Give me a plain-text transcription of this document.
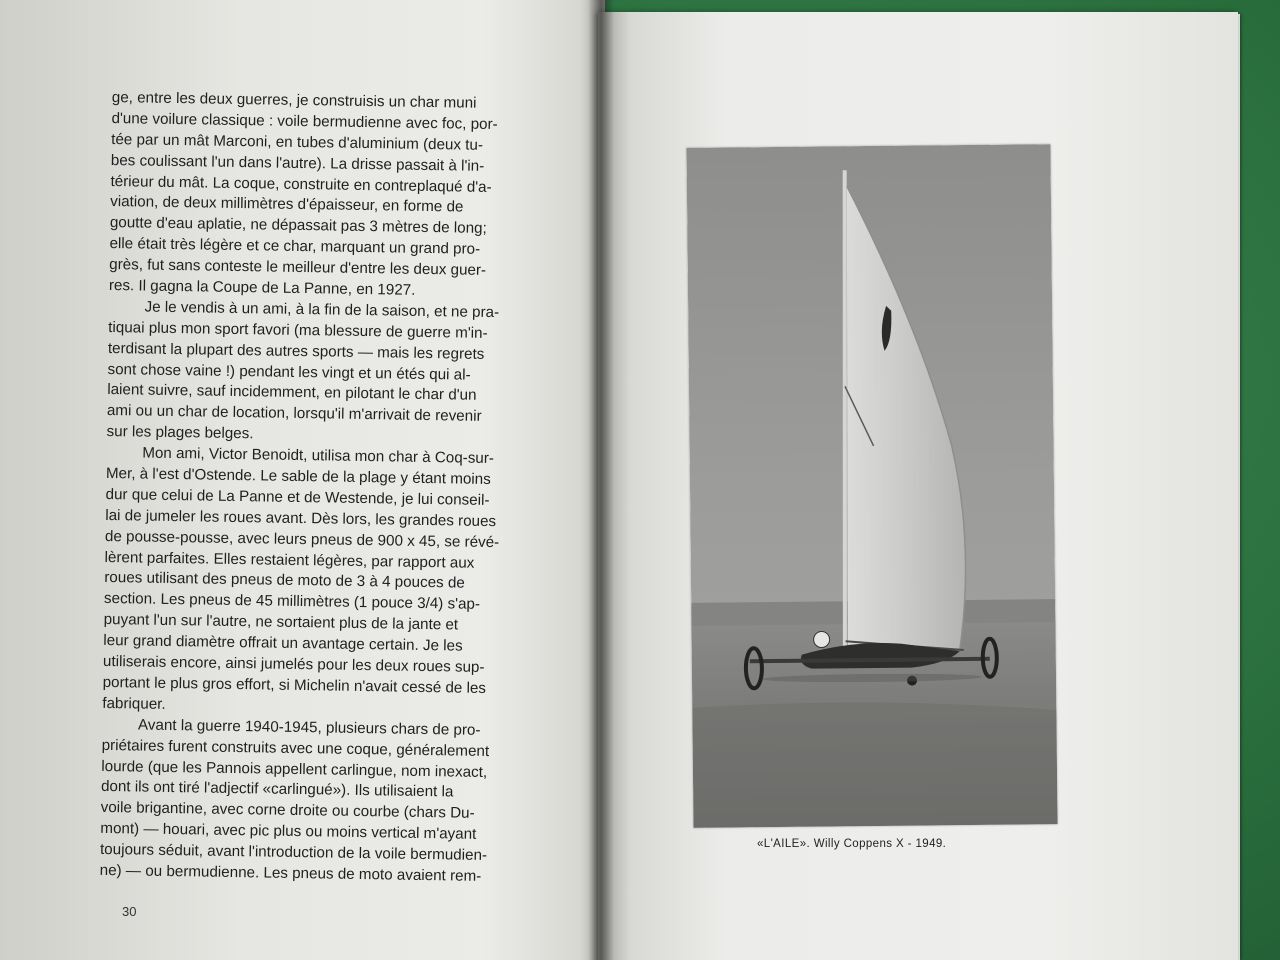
ge, entre les deux guerres, je construisis un char muni
d'une voilure classique : voile bermudienne avec foc, por-
tée par un mât Marconi, en tubes d'aluminium (deux tu-
bes coulissant l'un dans l'autre). La drisse passait à l'in-
térieur du mât. La coque, construite en contreplaqué d'a-
viation, de deux millimètres d'épaisseur, en forme de
goutte d'eau aplatie, ne dépassait pas 3 mètres de long;
elle était très légère et ce char, marquant un grand pro-
grès, fut sans conteste le meilleur d'entre les deux guer-
res. Il gagna la Coupe de La Panne, en 1927.
Je le vendis à un ami, à la fin de la saison, et ne pra-
tiquai plus mon sport favori (ma blessure de guerre m'in-
terdisant la plupart des autres sports — mais les regrets
sont chose vaine !) pendant les vingt et un étés qui al-
laient suivre, sauf incidemment, en pilotant le char d'un
ami ou un char de location, lorsqu'il m'arrivait de revenir
sur les plages belges.
Mon ami, Victor Benoidt, utilisa mon char à Coq-sur-
Mer, à l'est d'Ostende. Le sable de la plage y étant moins
dur que celui de La Panne et de Westende, je lui conseil-
lai de jumeler les roues avant. Dès lors, les grandes roues
de pousse-pousse, avec leurs pneus de 900 x 45, se révé-
lèrent parfaites. Elles restaient légères, par rapport aux
roues utilisant des pneus de moto de 3 à 4 pouces de
section. Les pneus de 45 millimètres (1 pouce 3/4) s'ap-
puyant l'un sur l'autre, ne sortaient plus de la jante et
leur grand diamètre offrait un avantage certain. Je les
utiliserais encore, ainsi jumelés pour les deux roues sup-
portant le plus gros effort, si Michelin n'avait cessé de les
fabriquer.
Avant la guerre 1940-1945, plusieurs chars de pro-
priétaires furent construits avec une coque, généralement
lourde (que les Pannois appellent carlingue, nom inexact,
dont ils ont tiré l'adjectif «carlingué»). Ils utilisaient la
voile brigantine, avec corne droite ou courbe (chars Du-
mont) — houari, avec pic plus ou moins vertical m'ayant
toujours séduit, avant l'introduction de la voile bermudien-
ne) — ou bermudienne. Les pneus de moto avaient rem-
30
«L'AILE». Willy Coppens X - 1949.
